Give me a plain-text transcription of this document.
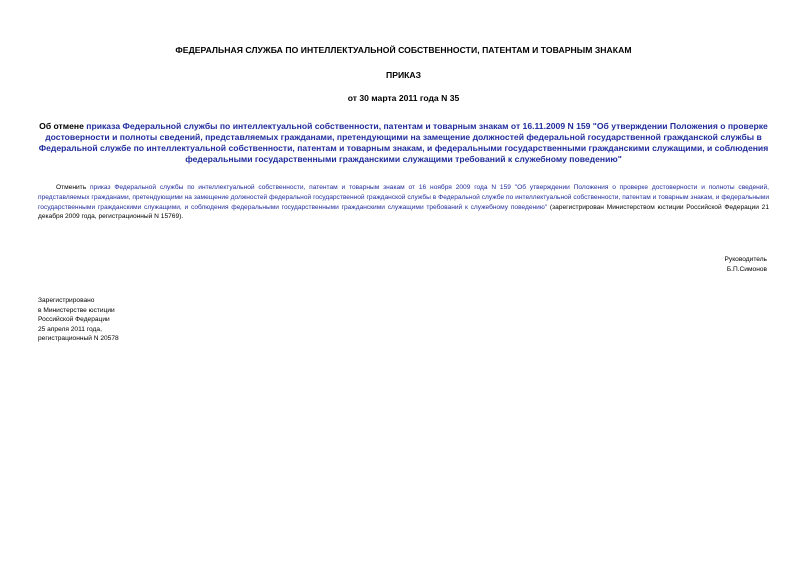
ФЕДЕРАЛЬНАЯ СЛУЖБА ПО ИНТЕЛЛЕКТУАЛЬНОЙ СОБСТВЕННОСТИ, ПАТЕНТАМ И ТОВАРНЫМ ЗНАКАМ
ПРИКАЗ
от 30 марта 2011 года N 35
Об отмене приказа Федеральной службы по интеллектуальной собственности, патентам и товарным знакам от 16.11.2009 N 159 "Об утверждении Положения о проверке достоверности и полноты сведений, представляемых гражданами, претендующими на замещение должностей федеральной государственной гражданской службы в Федеральной службе по интеллектуальной собственности, патентам и товарным знакам, и федеральными государственными гражданскими служащими, и соблюдения федеральными государственными гражданскими служащими требований к служебному поведению"
Отменить приказ Федеральной службы по интеллектуальной собственности, патентам и товарным знакам от 16 ноября 2009 года N 159 "Об утверждении Положения о проверке достоверности и полноты сведений, представляемых гражданами, претендующими на замещение должностей федеральной государственной гражданской службы в Федеральной службе по интеллектуальной собственности, патентам и товарным знакам, и федеральными государственными гражданскими служащими, и соблюдения федеральными государственными гражданскими служащими требований к служебному поведению" (зарегистрирован Министерством юстиции Российской Федерации 21 декабря 2009 года, регистрационный N 15769).
Руководитель
Б.П.Симонов
Зарегистрировано
в Министерстве юстиции
Российской Федерации
25 апреля 2011 года,
регистрационный N 20578
